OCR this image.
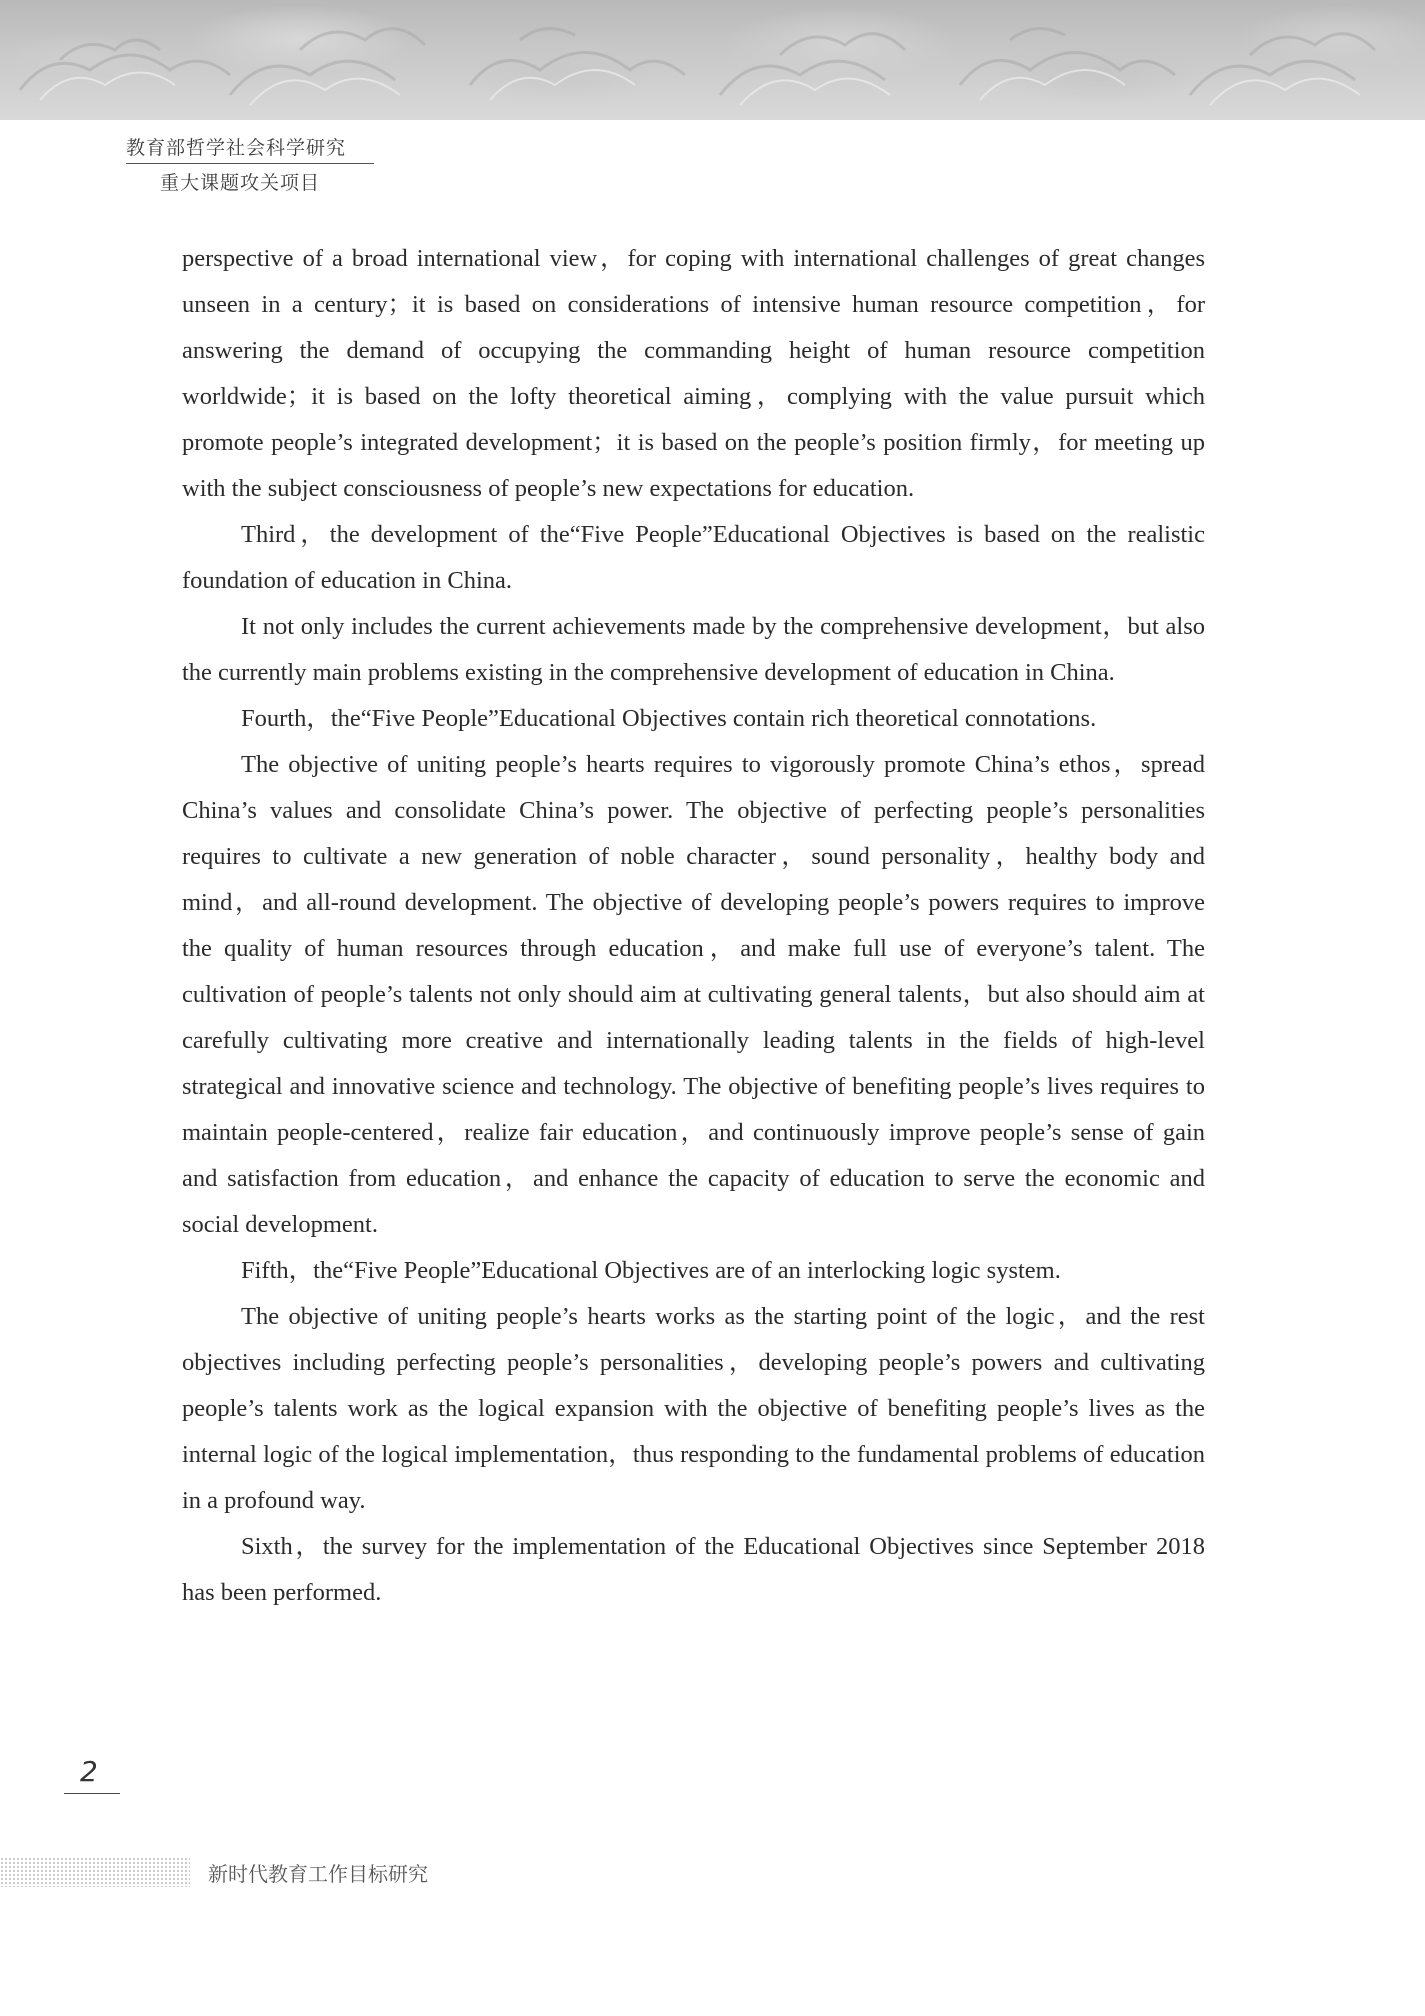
教育部哲学社会科学研究
重大课题攻关项目

perspective of a broad international view，for coping with international challenges of great changes unseen in a century；it is based on considerations of intensive human resource competition，for answering the demand of occupying the commanding height of human resource competition worldwide；it is based on the lofty theoretical aiming，complying with the value pursuit which promote people’s integrated development；it is based on the people’s position firmly，for meeting up with the subject consciousness of people’s new expectations for education.

Third，the development of the“Five People”Educational Objectives is based on the realistic foundation of education in China.

It not only includes the current achievements made by the comprehensive development，but also the currently main problems existing in the comprehensive development of education in China.

Fourth，the“Five People”Educational Objectives contain rich theoretical connotations.

The objective of uniting people’s hearts requires to vigorously promote China’s ethos，spread China’s values and consolidate China’s power. The objective of perfecting people’s personalities requires to cultivate a new generation of noble character，sound personality，healthy body and mind，and all-round development. The objective of developing people’s powers requires to improve the quality of human resources through education，and make full use of everyone’s talent. The cultivation of people’s talents not only should aim at cultivating general talents，but also should aim at carefully cultivating more creative and internationally leading talents in the fields of high-level strategical and innovative science and technology. The objective of benefiting people’s lives requires to maintain people-centered，realize fair education，and continuously improve people’s sense of gain and satisfaction from education，and enhance the capacity of education to serve the economic and social development.

Fifth，the“Five People”Educational Objectives are of an interlocking logic system.

The objective of uniting people’s hearts works as the starting point of the logic，and the rest objectives including perfecting people’s personalities，developing people’s powers and cultivating people’s talents work as the logical expansion with the objective of benefiting people’s lives as the internal logic of the logical implementation，thus responding to the fundamental problems of education in a profound way.

Sixth，the survey for the implementation of the Educational Objectives since September 2018 has been performed.

2
新时代教育工作目标研究
